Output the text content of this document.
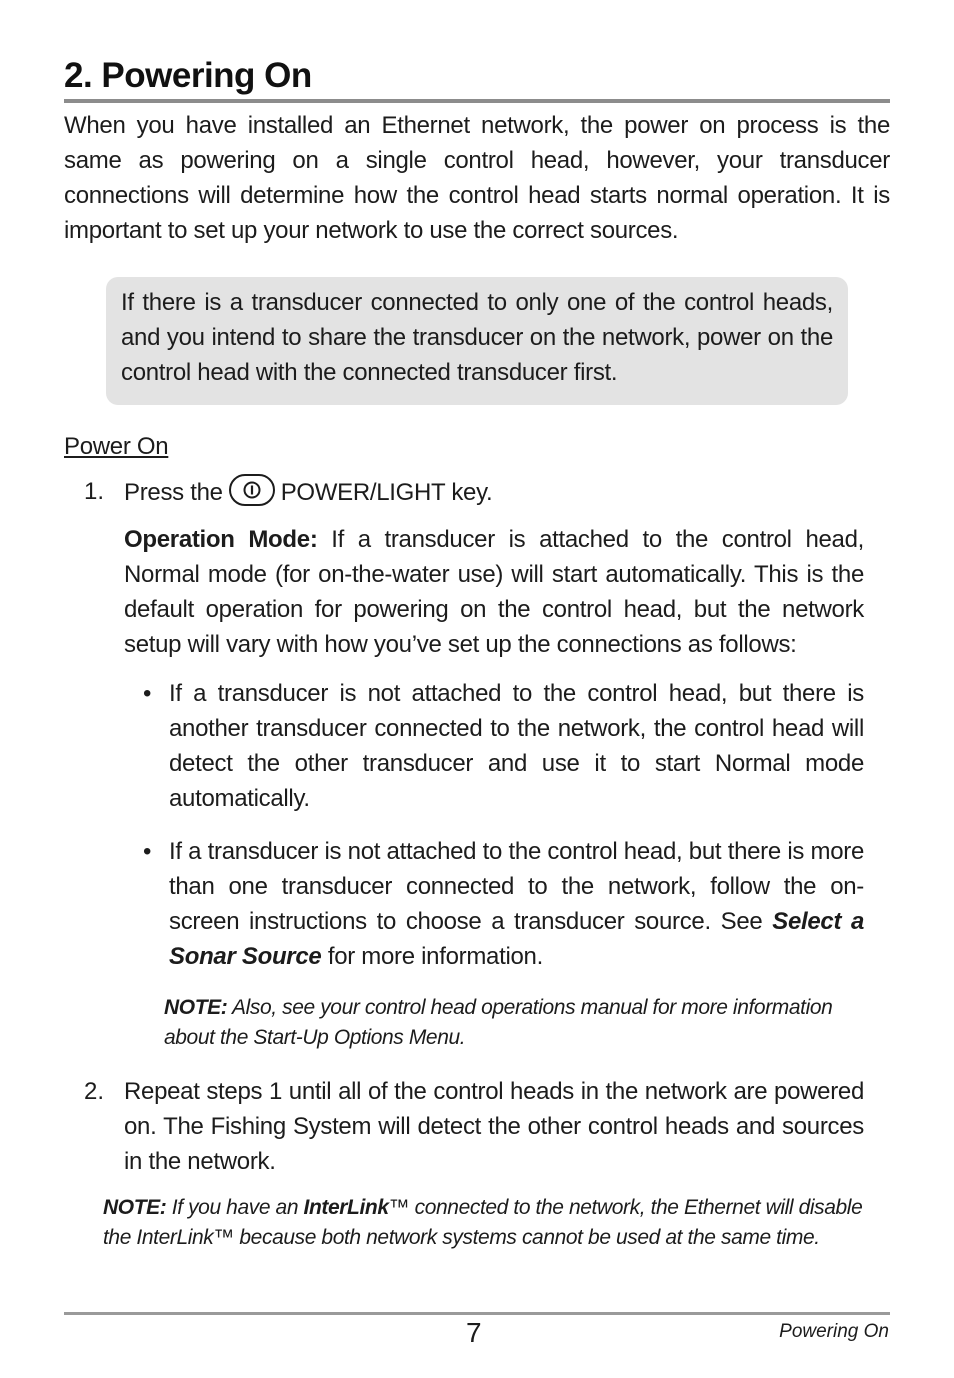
2. Powering On

When you have installed an Ethernet network, the power on process is the same as powering on a single control head, however, your transducer connections will determine how the control head starts normal operation. It is important to set up your network to use the correct sources.

If there is a transducer connected to only one of the control heads, and you intend to share the transducer on the network, power on the control head with the connected transducer first.

Power On
1. Press the POWER/LIGHT key.

Operation Mode: If a transducer is attached to the control head, Normal mode (for on-the-water use) will start automatically. This is the default operation for powering on the control head, but the network setup will vary with how you’ve set up the connections as follows:

• If a transducer is not attached to the control head, but there is another transducer connected to the network, the control head will detect the other transducer and use it to start Normal mode automatically.

• If a transducer is not attached to the control head, but there is more than one transducer connected to the network, follow the on-screen instructions to choose a transducer source. See Select a Sonar Source for more information.

NOTE: Also, see your control head operations manual for more information about the Start-Up Options Menu.

2. Repeat steps 1 until all of the control heads in the network are powered on. The Fishing System will detect the other control heads and sources in the network.

NOTE: If you have an InterLink™ connected to the network, the Ethernet will disable the InterLink™ because both network systems cannot be used at the same time.

7	Powering On
